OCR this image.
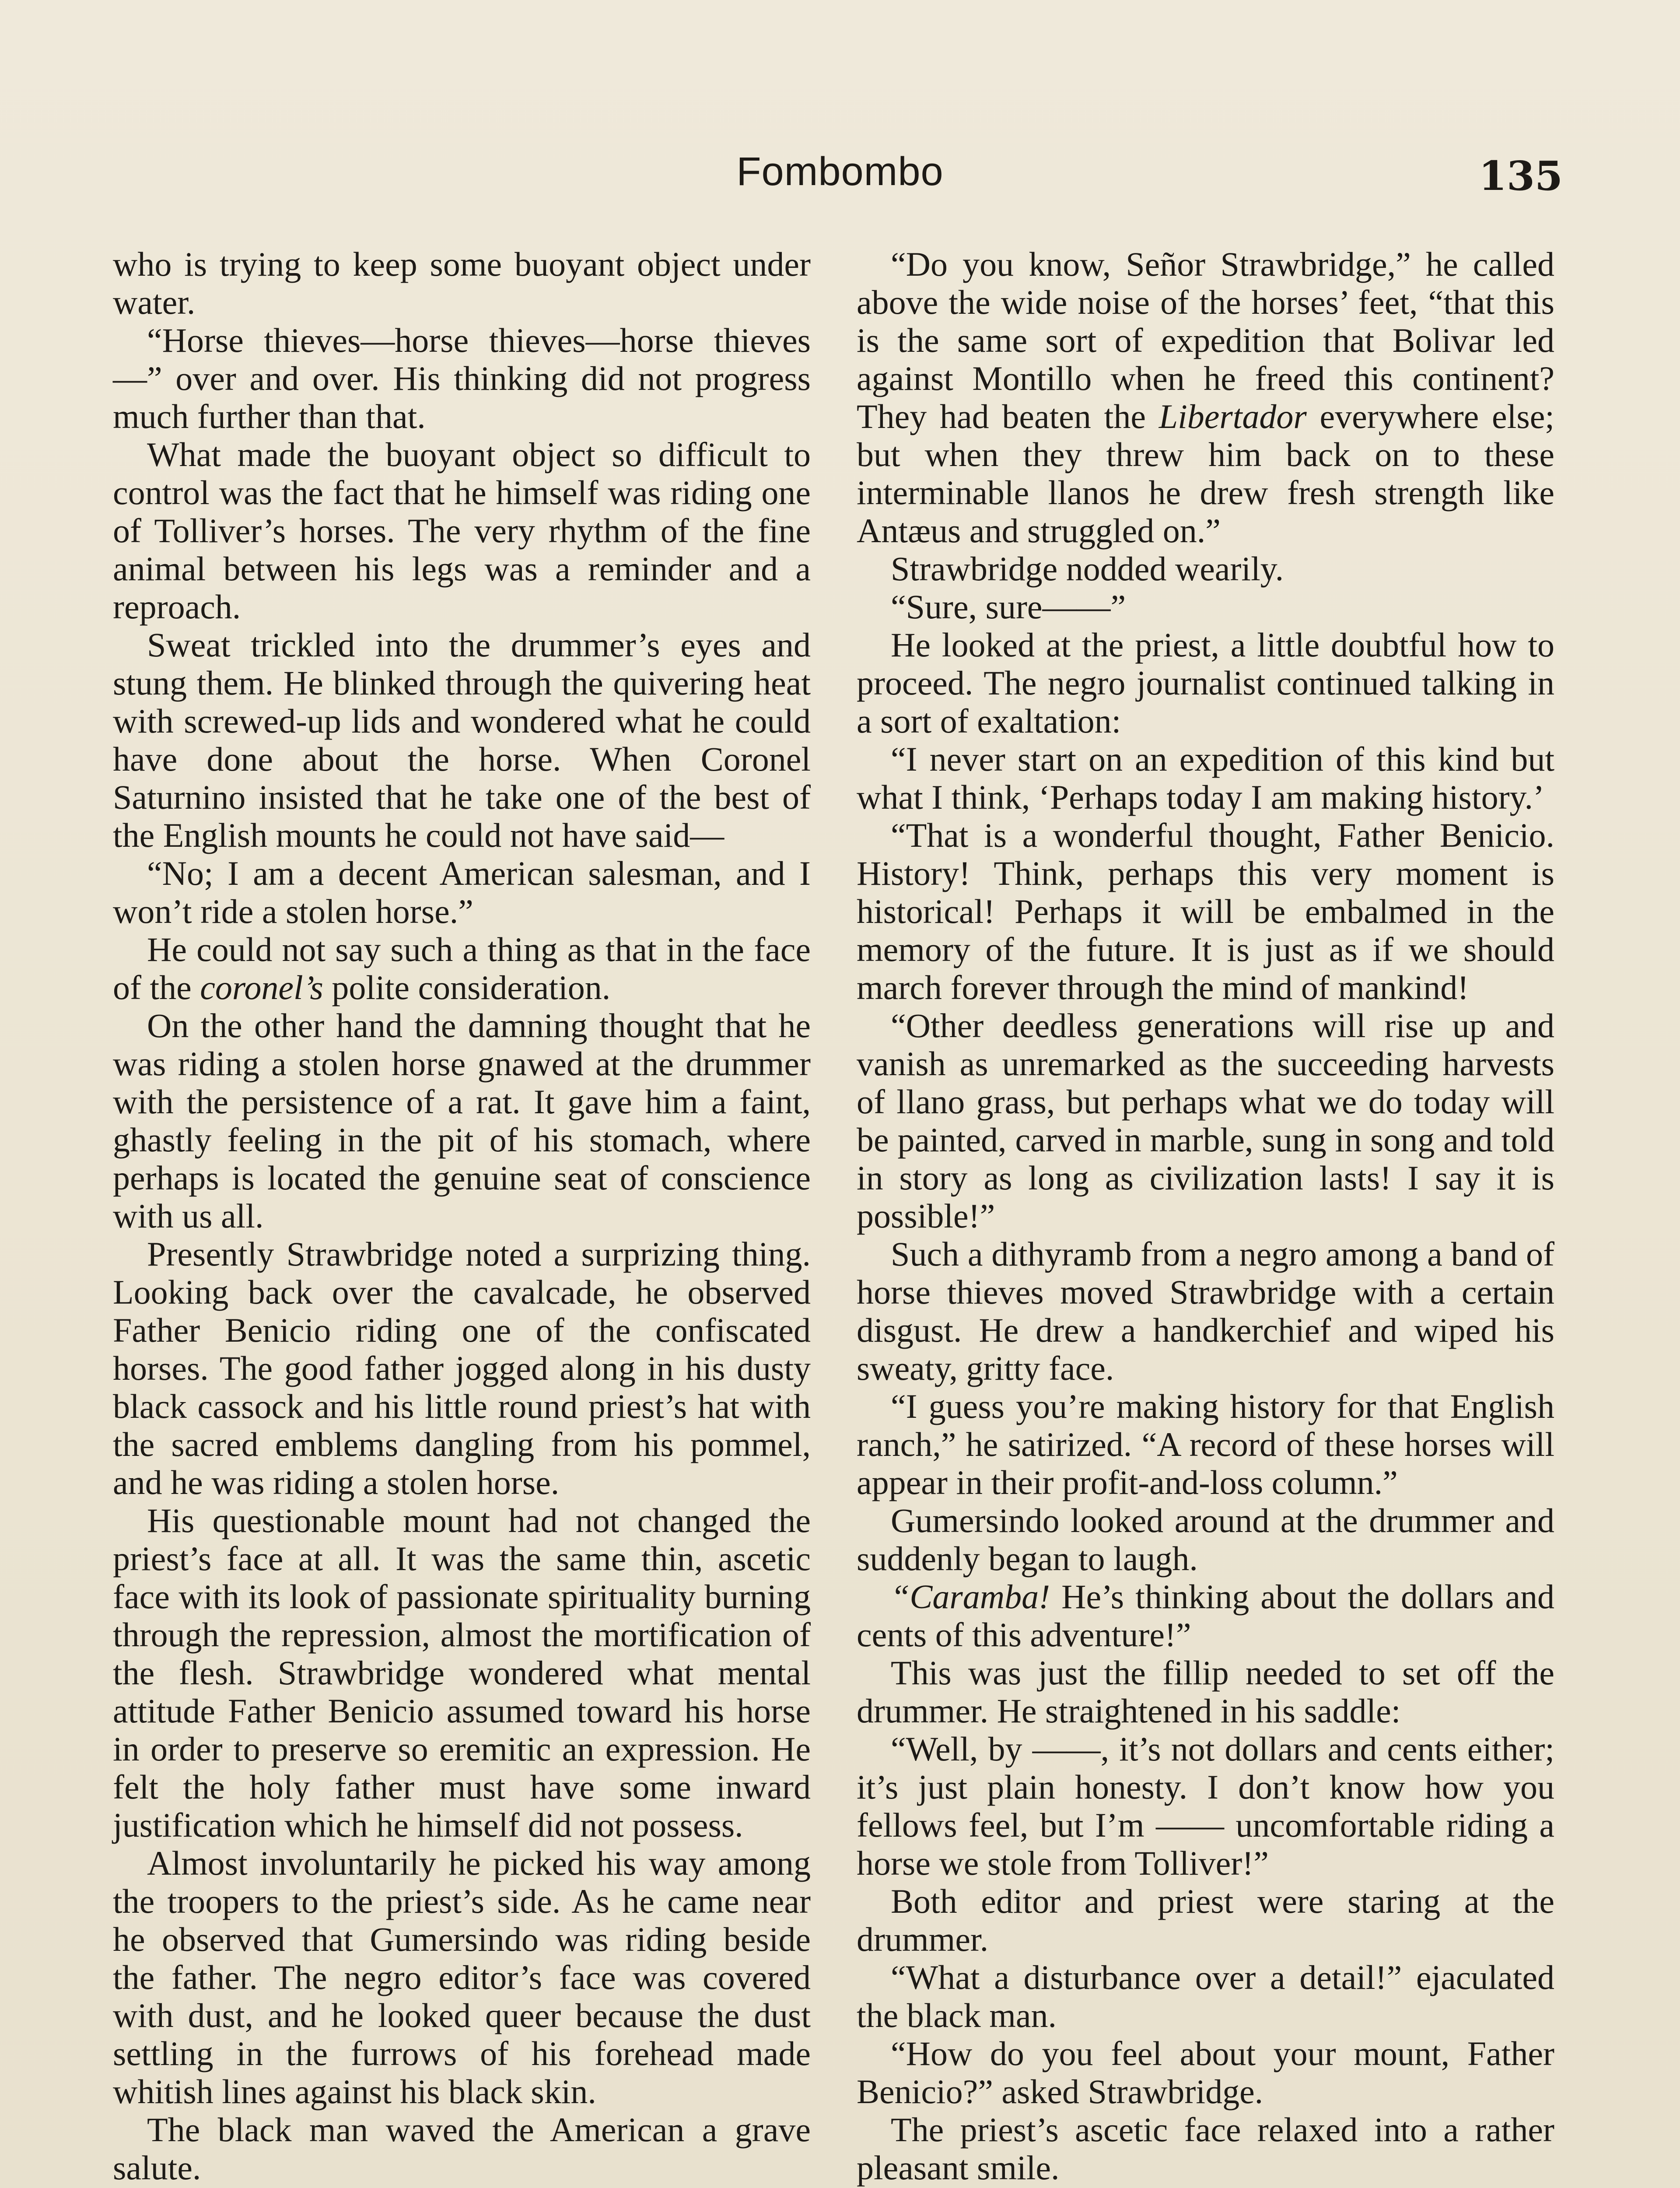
Fombombo	135

who is trying to keep some buoyant object under water.

“Horse thieves—horse thieves—horse thieves—” over and over. His thinking did not progress much further than that.

What made the buoyant object so difficult to control was the fact that he himself was riding one of Tolliver’s horses. The very rhythm of the fine animal between his legs was a reminder and a reproach.

Sweat trickled into the drummer’s eyes and stung them. He blinked through the quivering heat with screwed-up lids and wondered what he could have done about the horse. When Coronel Saturnino insisted that he take one of the best of the English mounts he could not have said—

“No; I am a decent American salesman, and I won’t ride a stolen horse.”

He could not say such a thing as that in the face of the coronel’s polite consideration.

On the other hand the damning thought that he was riding a stolen horse gnawed at the drummer with the persistence of a rat. It gave him a faint, ghastly feeling in the pit of his stomach, where perhaps is located the genuine seat of conscience with us all.

Presently Strawbridge noted a surprizing thing. Looking back over the cavalcade, he observed Father Benicio riding one of the confiscated horses. The good father jogged along in his dusty black cassock and his little round priest’s hat with the sacred emblems dangling from his pommel, and he was riding a stolen horse.

His questionable mount had not changed the priest’s face at all. It was the same thin, ascetic face with its look of passionate spirituality burning through the repression, almost the mortification of the flesh. Strawbridge wondered what mental attitude Father Benicio assumed toward his horse in order to preserve so eremitic an expression. He felt the holy father must have some inward justification which he himself did not possess.

Almost involuntarily he picked his way among the troopers to the priest’s side. As he came near he observed that Gumersindo was riding beside the father. The negro editor’s face was covered with dust, and he looked queer because the dust settling in the furrows of his forehead made whitish lines against his black skin.

The black man waved the American a grave salute.

“Do you know, Señor Strawbridge,” he called above the wide noise of the horses’ feet, “that this is the same sort of expedition that Bolivar led against Montillo when he freed this continent? They had beaten the Libertador everywhere else; but when they threw him back on to these interminable llanos he drew fresh strength like Antæus and struggled on.”

Strawbridge nodded wearily.

“Sure, sure——”

He looked at the priest, a little doubtful how to proceed. The negro journalist continued talking in a sort of exaltation:

“I never start on an expedition of this kind but what I think, ‘Perhaps today I am making history.’

“That is a wonderful thought, Father Benicio. History! Think, perhaps this very moment is historical! Perhaps it will be embalmed in the memory of the future. It is just as if we should march forever through the mind of mankind!

“Other deedless generations will rise up and vanish as unremarked as the succeeding harvests of llano grass, but perhaps what we do today will be painted, carved in marble, sung in song and told in story as long as civilization lasts! I say it is possible!”

Such a dithyramb from a negro among a band of horse thieves moved Strawbridge with a certain disgust. He drew a handkerchief and wiped his sweaty, gritty face.

“I guess you’re making history for that English ranch,” he satirized. “A record of these horses will appear in their profit-and-loss column.”

Gumersindo looked around at the drummer and suddenly began to laugh.

“Caramba! He’s thinking about the dollars and cents of this adventure!”

This was just the fillip needed to set off the drummer. He straightened in his saddle:

“Well, by ——, it’s not dollars and cents either; it’s just plain honesty. I don’t know how you fellows feel, but I’m —— uncomfortable riding a horse we stole from Tolliver!”

Both editor and priest were staring at the drummer.

“What a disturbance over a detail!” ejaculated the black man.

“How do you feel about your mount, Father Benicio?” asked Strawbridge.

The priest’s ascetic face relaxed into a rather pleasant smile.
